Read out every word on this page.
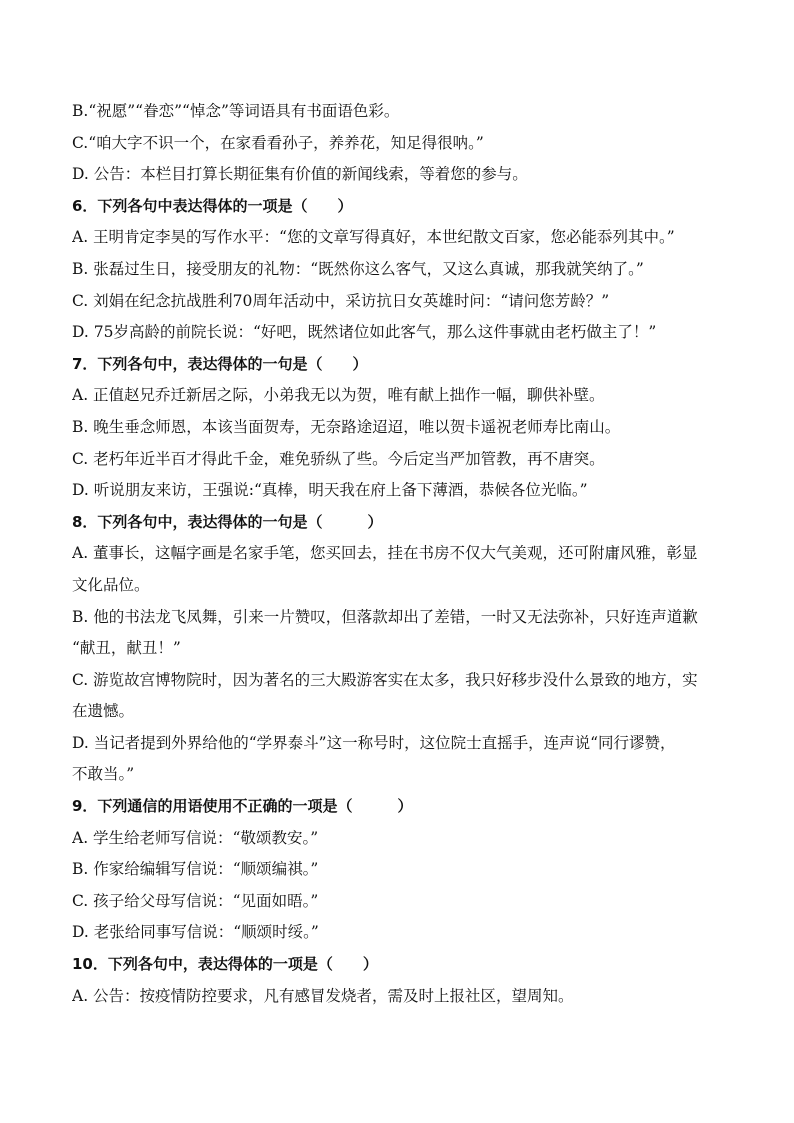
B.“祝愿”“眷恋”“悼念”等词语具有书面语色彩。
C.“咱大字不识一个，在家看看孙子，养养花，知足得很呐。”
D. 公告：本栏目打算长期征集有价值的新闻线索，等着您的参与。
6．下列各句中表达得体的一项是（　　）
A. 王明肯定李昊的写作水平：“您的文章写得真好，本世纪散文百家，您必能忝列其中。”
B. 张磊过生日，接受朋友的礼物：“既然你这么客气，又这么真诚，那我就笑纳了。”
C. 刘娟在纪念抗战胜利70周年活动中，采访抗日女英雄时问：“请问您芳龄？”
D. 75岁高龄的前院长说：“好吧，既然诸位如此客气，那么这件事就由老朽做主了！”
7．下列各句中，表达得体的一句是（　　）
A. 正值赵兄乔迁新居之际，小弟我无以为贺，唯有献上拙作一幅，聊供补壁。
B. 晚生垂念师恩，本该当面贺寿，无奈路途迢迢，唯以贺卡遥祝老师寿比南山。
C. 老朽年近半百才得此千金，难免骄纵了些。今后定当严加管教，再不唐突。
D. 听说朋友来访，王强说:“真棒，明天我在府上备下薄酒，恭候各位光临。”
8．下列各句中，表达得体的一句是（　　　）
A. 董事长，这幅字画是名家手笔，您买回去，挂在书房不仅大气美观，还可附庸风雅，彰显
文化品位。
B. 他的书法龙飞凤舞，引来一片赞叹，但落款却出了差错，一时又无法弥补，只好连声道歉
“献丑，献丑！”
C. 游览故宫博物院时，因为著名的三大殿游客实在太多，我只好移步没什么景致的地方，实
在遗憾。
D. 当记者提到外界给他的“学界泰斗”这一称号时，这位院士直摇手，连声说“同行谬赞，
不敢当。”
9．下列通信的用语使用不正确的一项是（　　　）
A. 学生给老师写信说：“敬颂教安。”
B. 作家给编辑写信说：“顺颂编祺。”
C. 孩子给父母写信说：“见面如晤。”
D. 老张给同事写信说：“顺颂时绥。”
10．下列各句中，表达得体的一项是（　　）
A. 公告：按疫情防控要求，凡有感冒发烧者，需及时上报社区，望周知。
